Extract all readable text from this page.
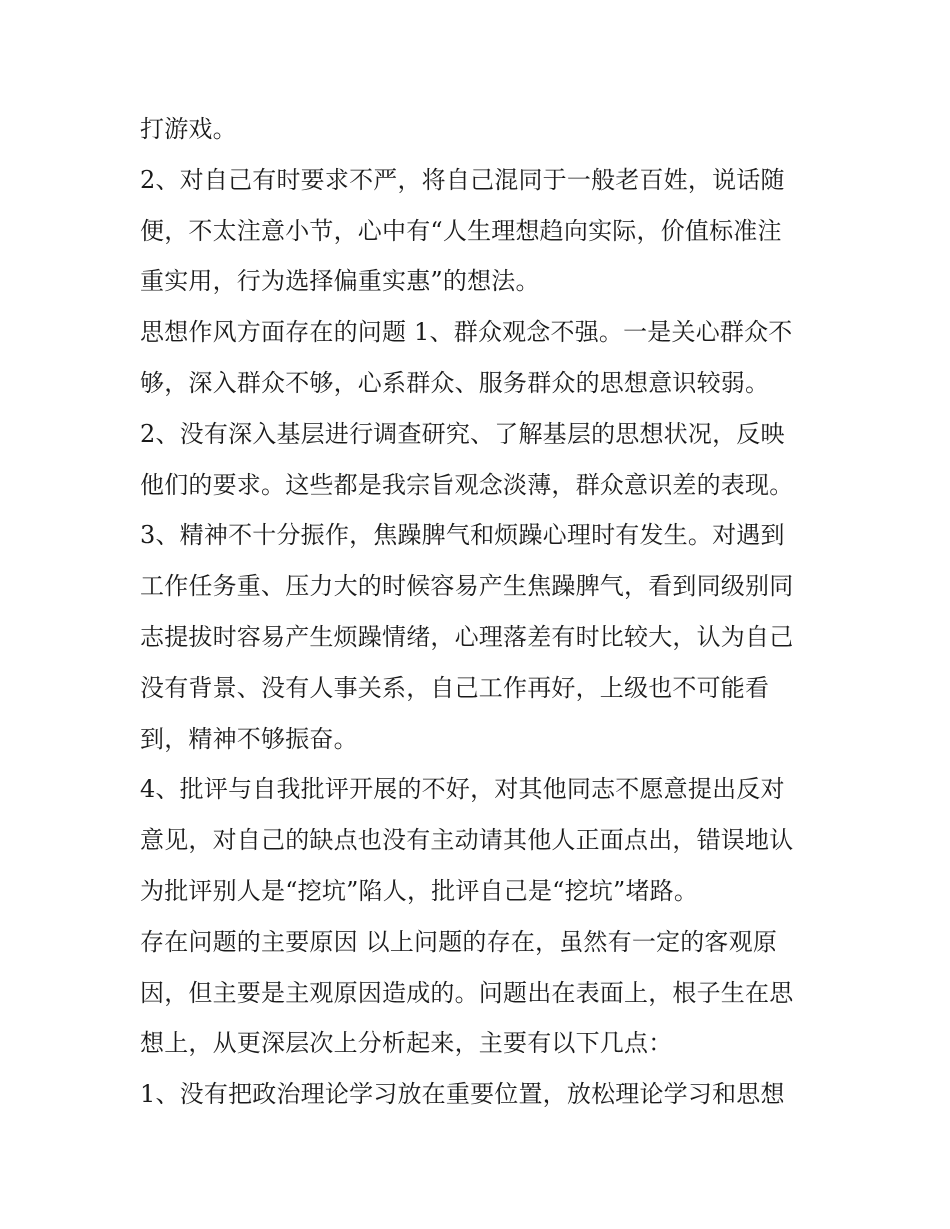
打游戏。

2、对自己有时要求不严，将自己混同于一般老百姓，说话随

便，不太注意小节，心中有“人生理想趋向实际，价值标准注

重实用，行为选择偏重实惠”的想法。

思想作风方面存在的问题 1、群众观念不强。一是关心群众不

够，深入群众不够，心系群众、服务群众的思想意识较弱。

2、没有深入基层进行调查研究、了解基层的思想状况，反映

他们的要求。这些都是我宗旨观念淡薄，群众意识差的表现。

3、精神不十分振作，焦躁脾气和烦躁心理时有发生。对遇到

工作任务重、压力大的时候容易产生焦躁脾气，看到同级别同

志提拔时容易产生烦躁情绪，心理落差有时比较大，认为自己

没有背景、没有人事关系，自己工作再好，上级也不可能看

到，精神不够振奋。

4、批评与自我批评开展的不好，对其他同志不愿意提出反对

意见，对自己的缺点也没有主动请其他人正面点出，错误地认

为批评别人是“挖坑”陷人，批评自己是“挖坑”堵路。

存在问题的主要原因 以上问题的存在，虽然有一定的客观原

因，但主要是主观原因造成的。问题出在表面上，根子生在思

想上，从更深层次上分析起来，主要有以下几点：

1、没有把政治理论学习放在重要位置，放松理论学习和思想
